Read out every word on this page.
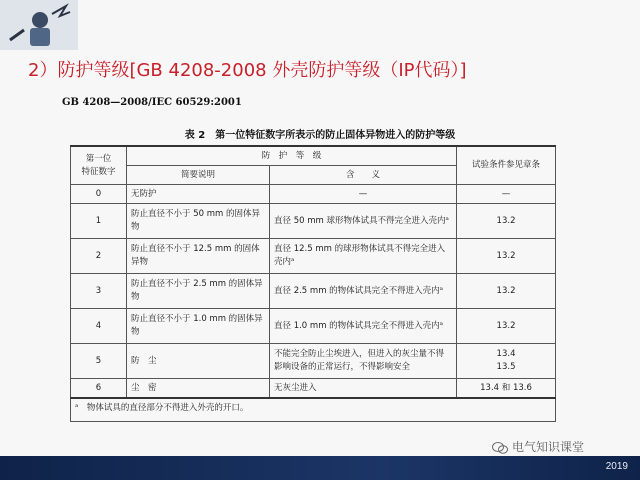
2）防护等级[GB 4208-2008 外壳防护等级（IP代码）]
GB 4208—2008/IEC 60529:2001
表 2　第一位特征数字所表示的防止固体异物进入的防护等级
第一位
特征数字	防　护　等　级		试验条件参见章条
	简要说明	含　　义	
0	无防护	—	—
1	防止直径不小于 50 mm 的固体异物	直径 50 mm 球形物体试具不得完全进入壳内ᵃ	13.2
2	防止直径不小于 12.5 mm 的固体异物	直径 12.5 mm 的球形物体试具不得完全进入壳内ᵃ	13.2
3	防止直径不小于 2.5 mm 的固体异物	直径 2.5 mm 的物体试具完全不得进入壳内ᵃ	13.2
4	防止直径不小于 1.0 mm 的固体异物	直径 1.0 mm 的物体试具完全不得进入壳内ᵃ	13.2
5	防　尘	不能完全防止尘埃进入，但进入的灰尘量不得影响设备的正常运行，不得影响安全	13.4
13.5
6	尘　密	无灰尘进入	13.4 和 13.6
ᵃ　物体试具的直径部分不得进入外壳的开口。			
电气知识课堂
2019
